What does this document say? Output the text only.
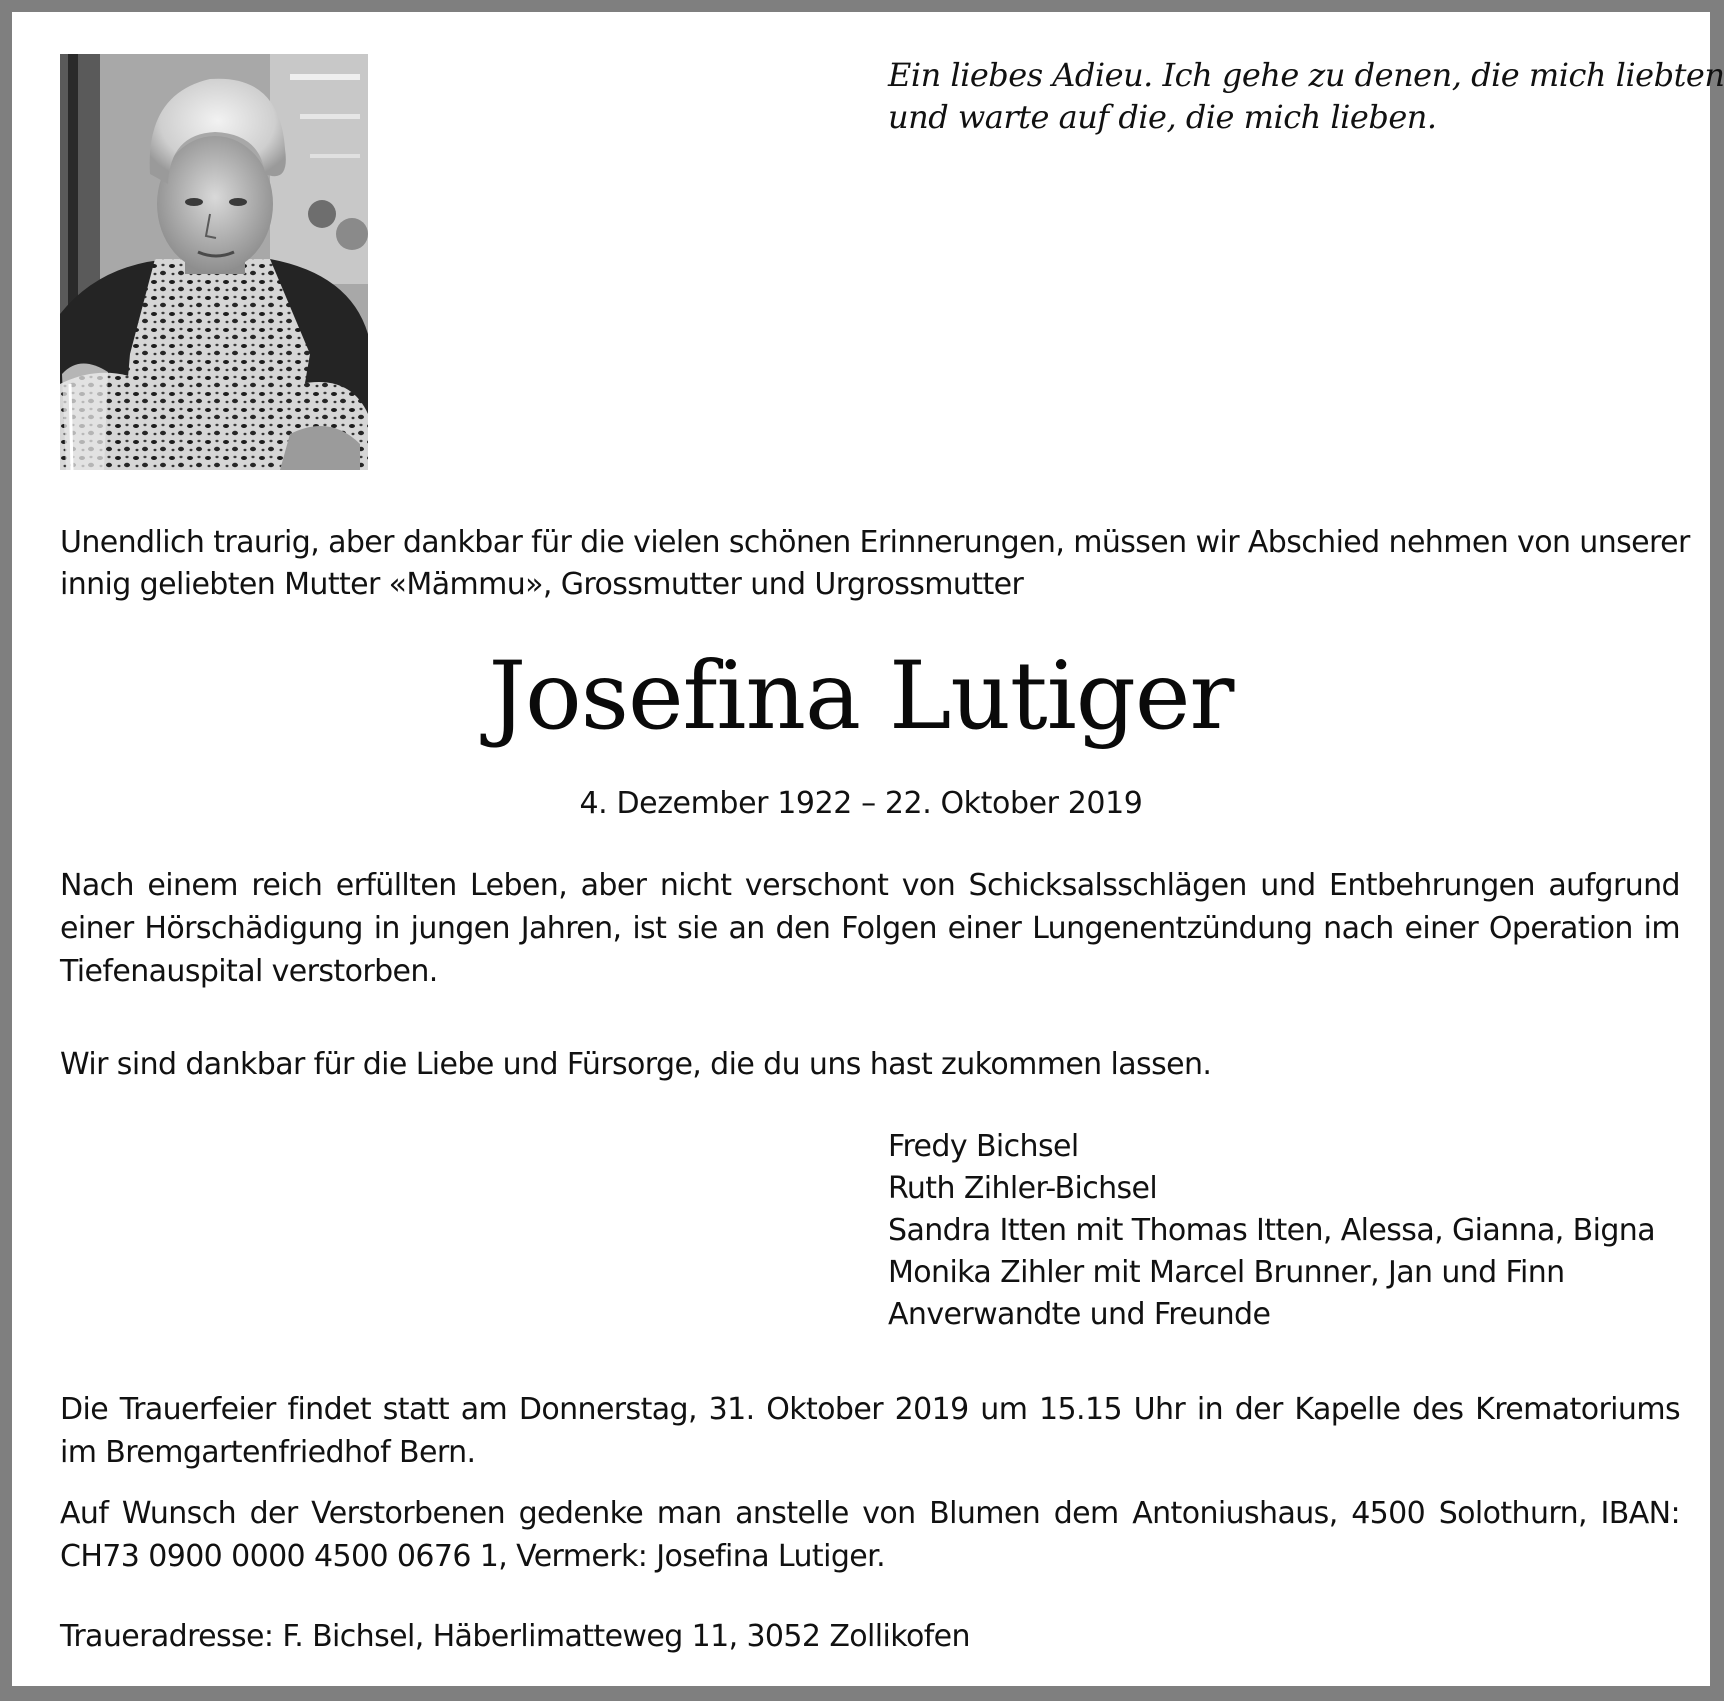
Ein liebes Adieu. Ich gehe zu denen, die mich liebten
und warte auf die, die mich lieben.
Unendlich traurig, aber dankbar für die vielen schönen Erinnerungen, müssen wir Abschied nehmen von unserer
innig geliebten Mutter «Mämmu», Grossmutter und Urgrossmutter
Josefina Lutiger
4. Dezember 1922 – 22. Oktober 2019
Nach einem reich erfüllten Leben, aber nicht verschont von Schicksalsschlägen und Entbehrungen aufgrund
einer Hörschädigung in jungen Jahren, ist sie an den Folgen einer Lungenentzündung nach einer Operation im
Tiefenauspital verstorben.
Wir sind dankbar für die Liebe und Fürsorge, die du uns hast zukommen lassen.
Fredy Bichsel
Ruth Zihler-Bichsel
Sandra Itten mit Thomas Itten, Alessa, Gianna, Bigna
Monika Zihler mit Marcel Brunner, Jan und Finn
Anverwandte und Freunde
Die Trauerfeier findet statt am Donnerstag, 31. Oktober 2019 um 15.15 Uhr in der Kapelle des Krematoriums
im Bremgartenfriedhof Bern.
Auf Wunsch der Verstorbenen gedenke man anstelle von Blumen dem Antoniushaus, 4500 Solothurn, IBAN:
CH73 0900 0000 4500 0676 1, Vermerk: Josefina Lutiger.
Traueradresse: F. Bichsel, Häberlimatteweg 11, 3052 Zollikofen
